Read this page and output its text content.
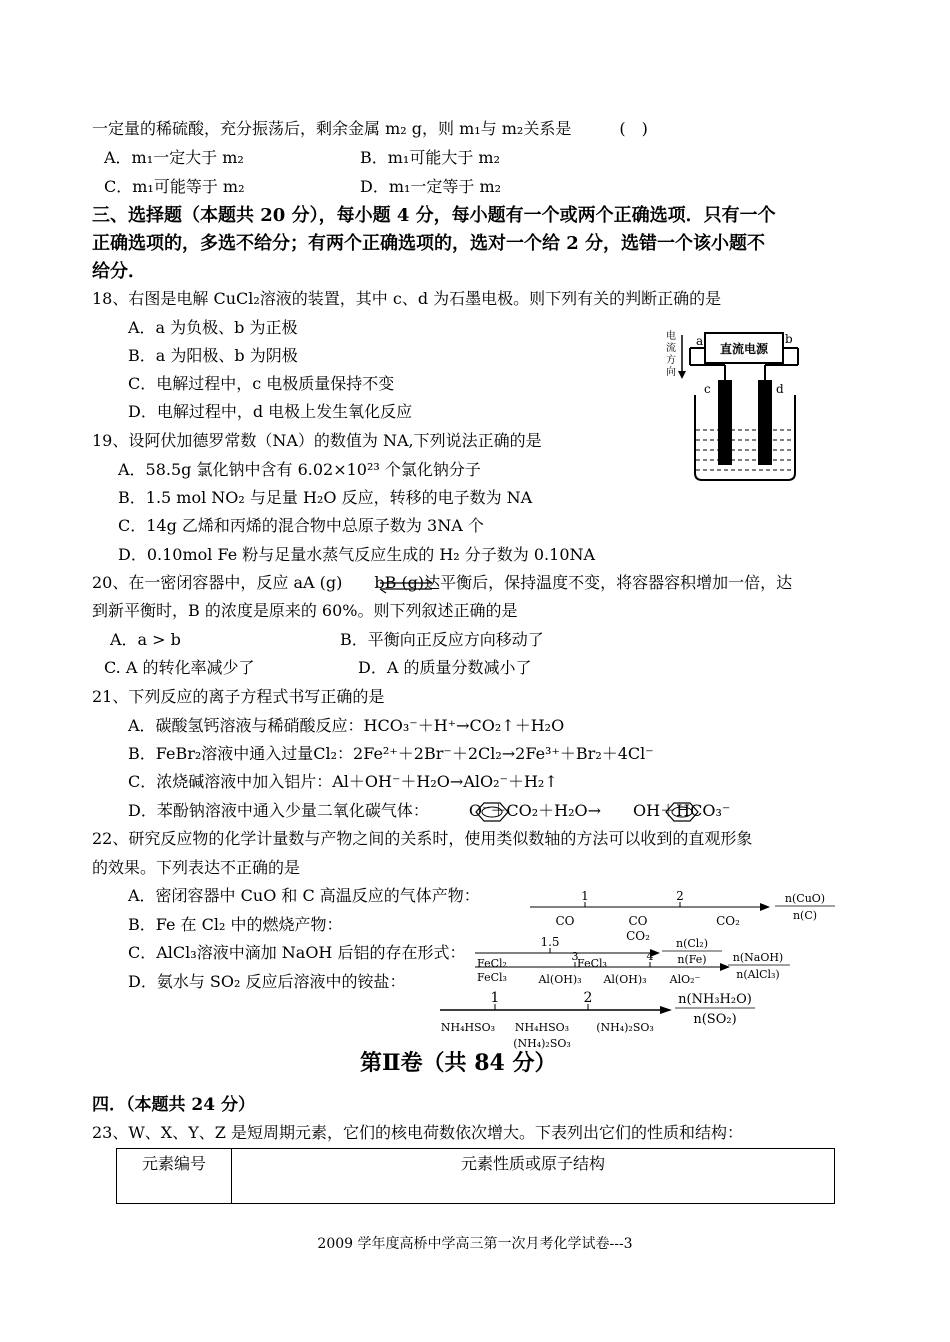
一定量的稀硫酸，充分振荡后，剩余金属 m₂ g，则 m₁与 m₂关系是　　　(　)
A．m₁一定大于 m₂	B．m₁可能大于 m₂
C．m₁可能等于 m₂	D．m₁一定等于 m₂
三、选择题（本题共 20 分），每小题 4 分，每小题有一个或两个正确选项．只有一个
正确选项的，多选不给分；有两个正确选项的，选对一个给 2 分，选错一个该小题不
给分．
18、右图是电解 CuCl₂溶液的装置，其中 c、d 为石墨电极。则下列有关的判断正确的是
A．a 为负极、b 为正极
B．a 为阳极、b 为阴极
C．电解过程中，c 电极质量保持不变
D．电解过程中，d 电极上发生氧化反应
直流电源
a	b
电
流
方
向
c	d
19、设阿伏加德罗常数（NA）的数值为 NA,下列说法正确的是
A．58.5g 氯化钠中含有 6.02×10²³ 个氯化钠分子
B．1.5 mol NO₂ 与足量 H₂O 反应，转移的电子数为 NA
C．14g 乙烯和丙烯的混合物中总原子数为 3NA 个
D．0.10mol Fe 粉与足量水蒸气反应生成的 H₂ 分子数为 0.10NA
20、在一密闭容器中，反应 aA (g)　　bB (g)达平衡后，保持温度不变，将容器容积增加一倍，达
到新平衡时，B 的浓度是原来的 60%。则下列叙述正确的是
A．a > b	B．平衡向正反应方向移动了
C. A 的转化率减少了	D．A 的质量分数减小了
21、下列反应的离子方程式书写正确的是
A．碳酸氢钙溶液与稀硝酸反应：HCO₃⁻＋H⁺→CO₂↑＋H₂O
B．FeBr₂溶液中通入过量Cl₂：2Fe²⁺＋2Br⁻＋2Cl₂→2Fe³⁺＋Br₂＋4Cl⁻
C．浓烧碱溶液中加入铝片：Al＋OH⁻＋H₂O→AlO₂⁻＋H₂↑
D．苯酚钠溶液中通入少量二氧化碳气体：　　　O⁻＋CO₂＋H₂O→　　OH＋HCO₃⁻
22、研究反应物的化学计量数与产物之间的关系时，使用类似数轴的方法可以收到的直观形象
的效果。下列表达不正确的是
A．密闭容器中 CuO 和 C 高温反应的气体产物：
B．Fe 在 Cl₂ 中的燃烧产物：
C．AlCl₃溶液中滴加 NaOH 后铝的存在形式：
D．氨水与 SO₂ 反应后溶液中的铵盐：
1	2
CO	CO
CO₂
CO₂
n(CuO)
n(C)
1.5
FeCl₂	FeCl₃
n(Cl₂)
n(Fe)
3	4
FeCl₃	Al(OH)₃ Al(OH)₃ AlO₂⁻
n(NaOH)
n(AlCl₃)
1	2
NH₄HSO₃ NH₄HSO₃
(NH₄)₂SO₃
(NH₄)₂SO₃
n(NH₃H₂O)
n(SO₂)
第Ⅱ卷（共 84 分）
四．（本题共 24 分）
23、W、X、Y、Z 是短周期元素，它们的核电荷数依次增大。下表列出它们的性质和结构：
元素编号	元素性质或原子结构
2009 学年度高桥中学高三第一次月考化学试卷---3
